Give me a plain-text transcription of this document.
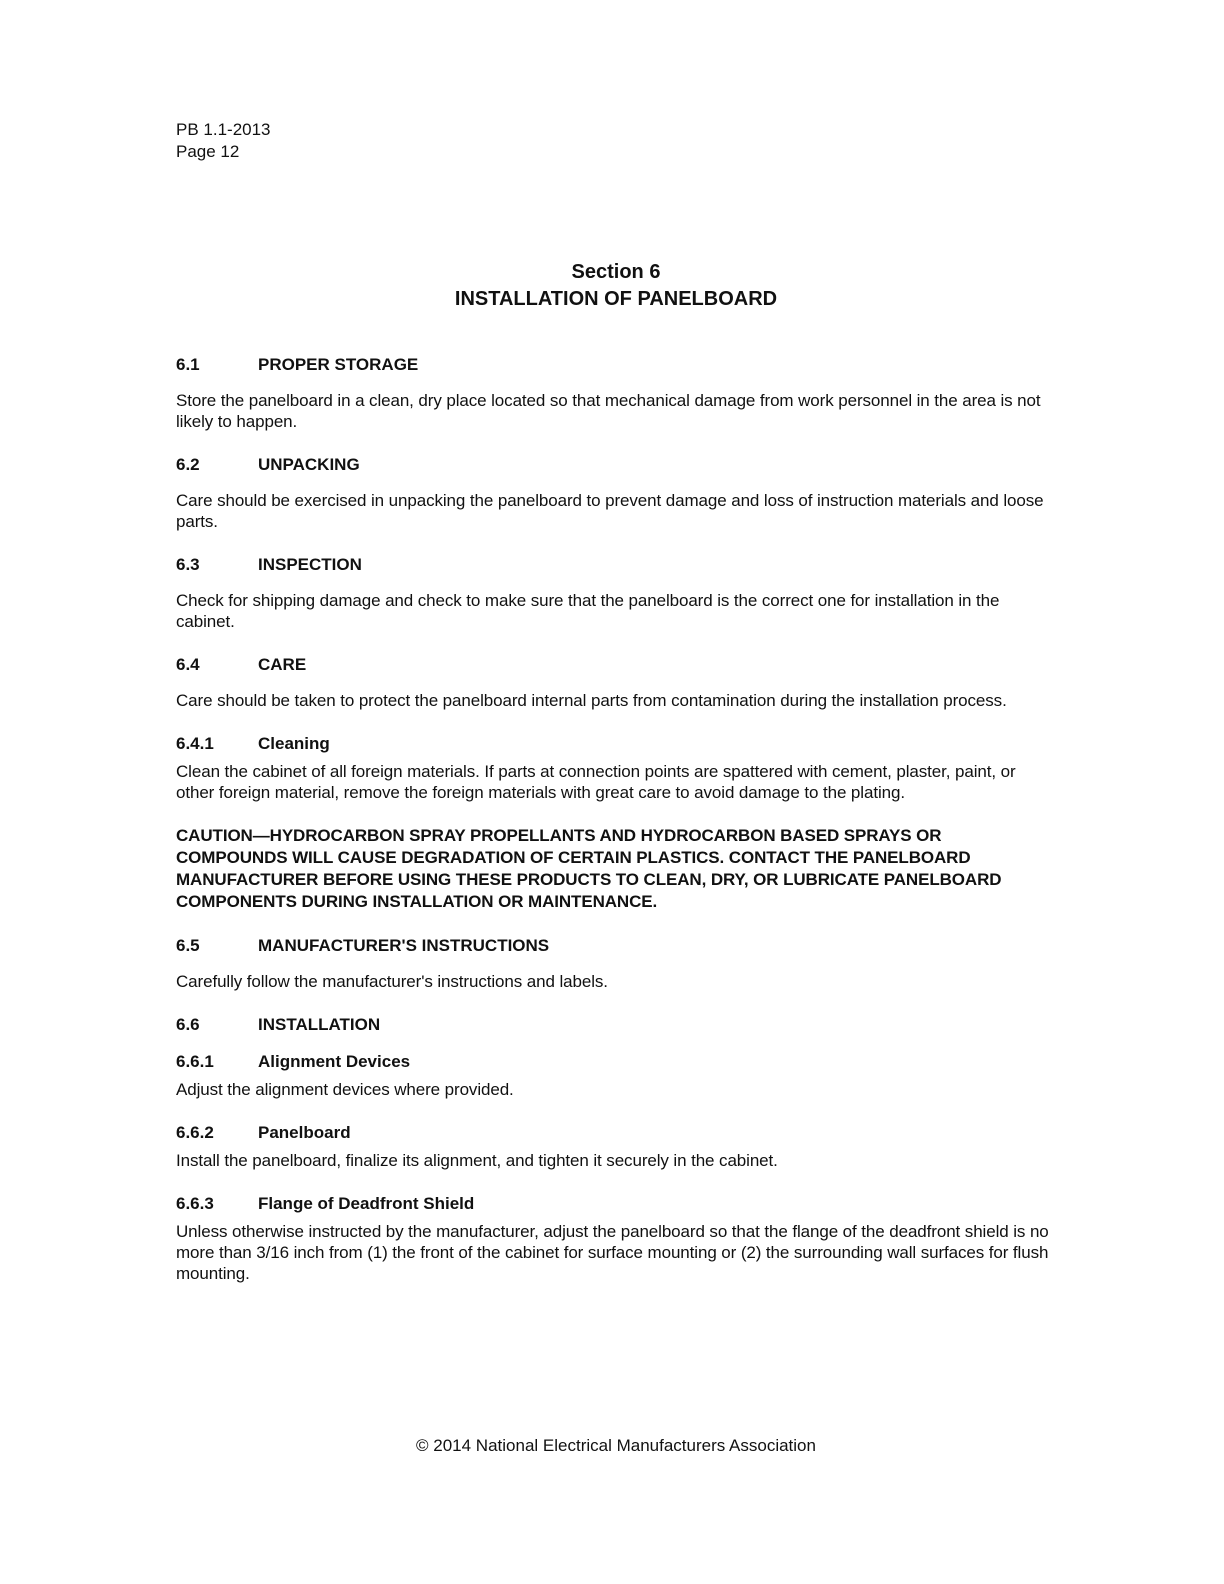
PB 1.1-2013
Page 12
Section 6
INSTALLATION OF PANELBOARD
6.1	PROPER STORAGE
Store the panelboard in a clean, dry place located so that mechanical damage from work personnel in the area is not likely to happen.
6.2	UNPACKING
Care should be exercised in unpacking the panelboard to prevent damage and loss of instruction materials and loose parts.
6.3	INSPECTION
Check for shipping damage and check to make sure that the panelboard is the correct one for installation in the cabinet.
6.4	CARE
Care should be taken to protect the panelboard internal parts from contamination during the installation process.
6.4.1	Cleaning
Clean the cabinet of all foreign materials. If parts at connection points are spattered with cement, plaster, paint, or other foreign material, remove the foreign materials with great care to avoid damage to the plating.
CAUTION—HYDROCARBON SPRAY PROPELLANTS AND HYDROCARBON BASED SPRAYS OR COMPOUNDS WILL CAUSE DEGRADATION OF CERTAIN PLASTICS. CONTACT THE PANELBOARD MANUFACTURER BEFORE USING THESE PRODUCTS TO CLEAN, DRY, OR LUBRICATE PANELBOARD COMPONENTS DURING INSTALLATION OR MAINTENANCE.
6.5	MANUFACTURER'S INSTRUCTIONS
Carefully follow the manufacturer's instructions and labels.
6.6	INSTALLATION
6.6.1	Alignment Devices
Adjust the alignment devices where provided.
6.6.2	Panelboard
Install the panelboard, finalize its alignment, and tighten it securely in the cabinet.
6.6.3	Flange of Deadfront Shield
Unless otherwise instructed by the manufacturer, adjust the panelboard so that the flange of the deadfront shield is no more than 3/16 inch from (1) the front of the cabinet for surface mounting or (2) the surrounding wall surfaces for flush mounting.
© 2014 National Electrical Manufacturers Association
